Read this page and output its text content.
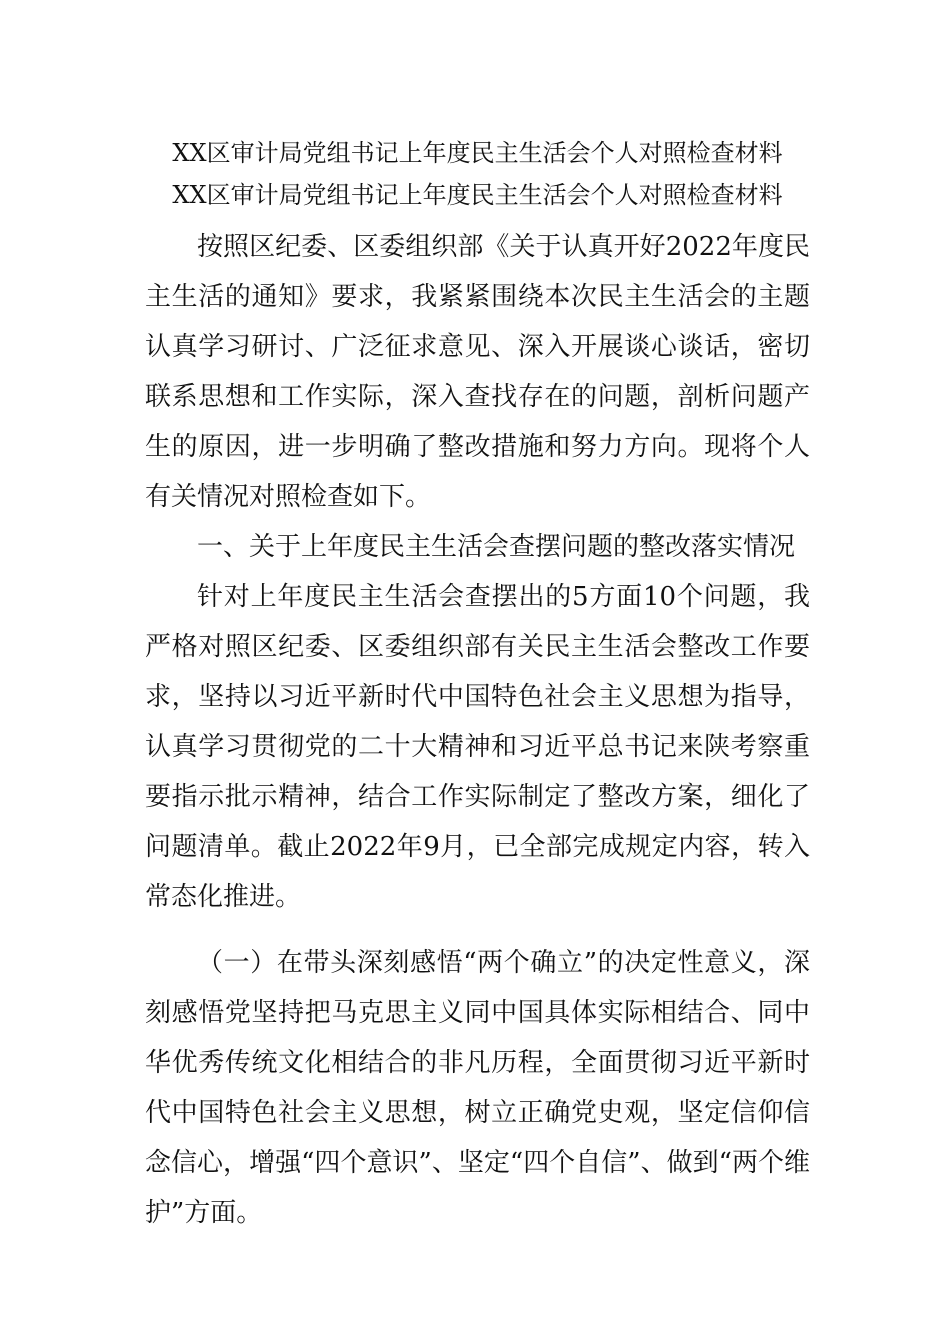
XX区审计局党组书记上年度民主生活会个人对照检查材料
XX区审计局党组书记上年度民主生活会个人对照检查材料

按照区纪委、区委组织部《关于认真开好2022年度民主生活的通知》要求，我紧紧围绕本次民主生活会的主题认真学习研讨、广泛征求意见、深入开展谈心谈话，密切联系思想和工作实际，深入查找存在的问题，剖析问题产生的原因，进一步明确了整改措施和努力方向。现将个人有关情况对照检查如下。

一、关于上年度民主生活会查摆问题的整改落实情况

针对上年度民主生活会查摆出的5方面10个问题，我严格对照区纪委、区委组织部有关民主生活会整改工作要求，坚持以习近平新时代中国特色社会主义思想为指导，认真学习贯彻党的二十大精神和习近平总书记来陕考察重要指示批示精神，结合工作实际制定了整改方案，细化了问题清单。截止2022年9月，已全部完成规定内容，转入常态化推进。

（一）在带头深刻感悟“两个确立”的决定性意义，深刻感悟党坚持把马克思主义同中国具体实际相结合、同中华优秀传统文化相结合的非凡历程，全面贯彻习近平新时代中国特色社会主义思想，树立正确党史观，坚定信仰信念信心，增强“四个意识”、坚定“四个自信”、做到“两个维护”方面。
